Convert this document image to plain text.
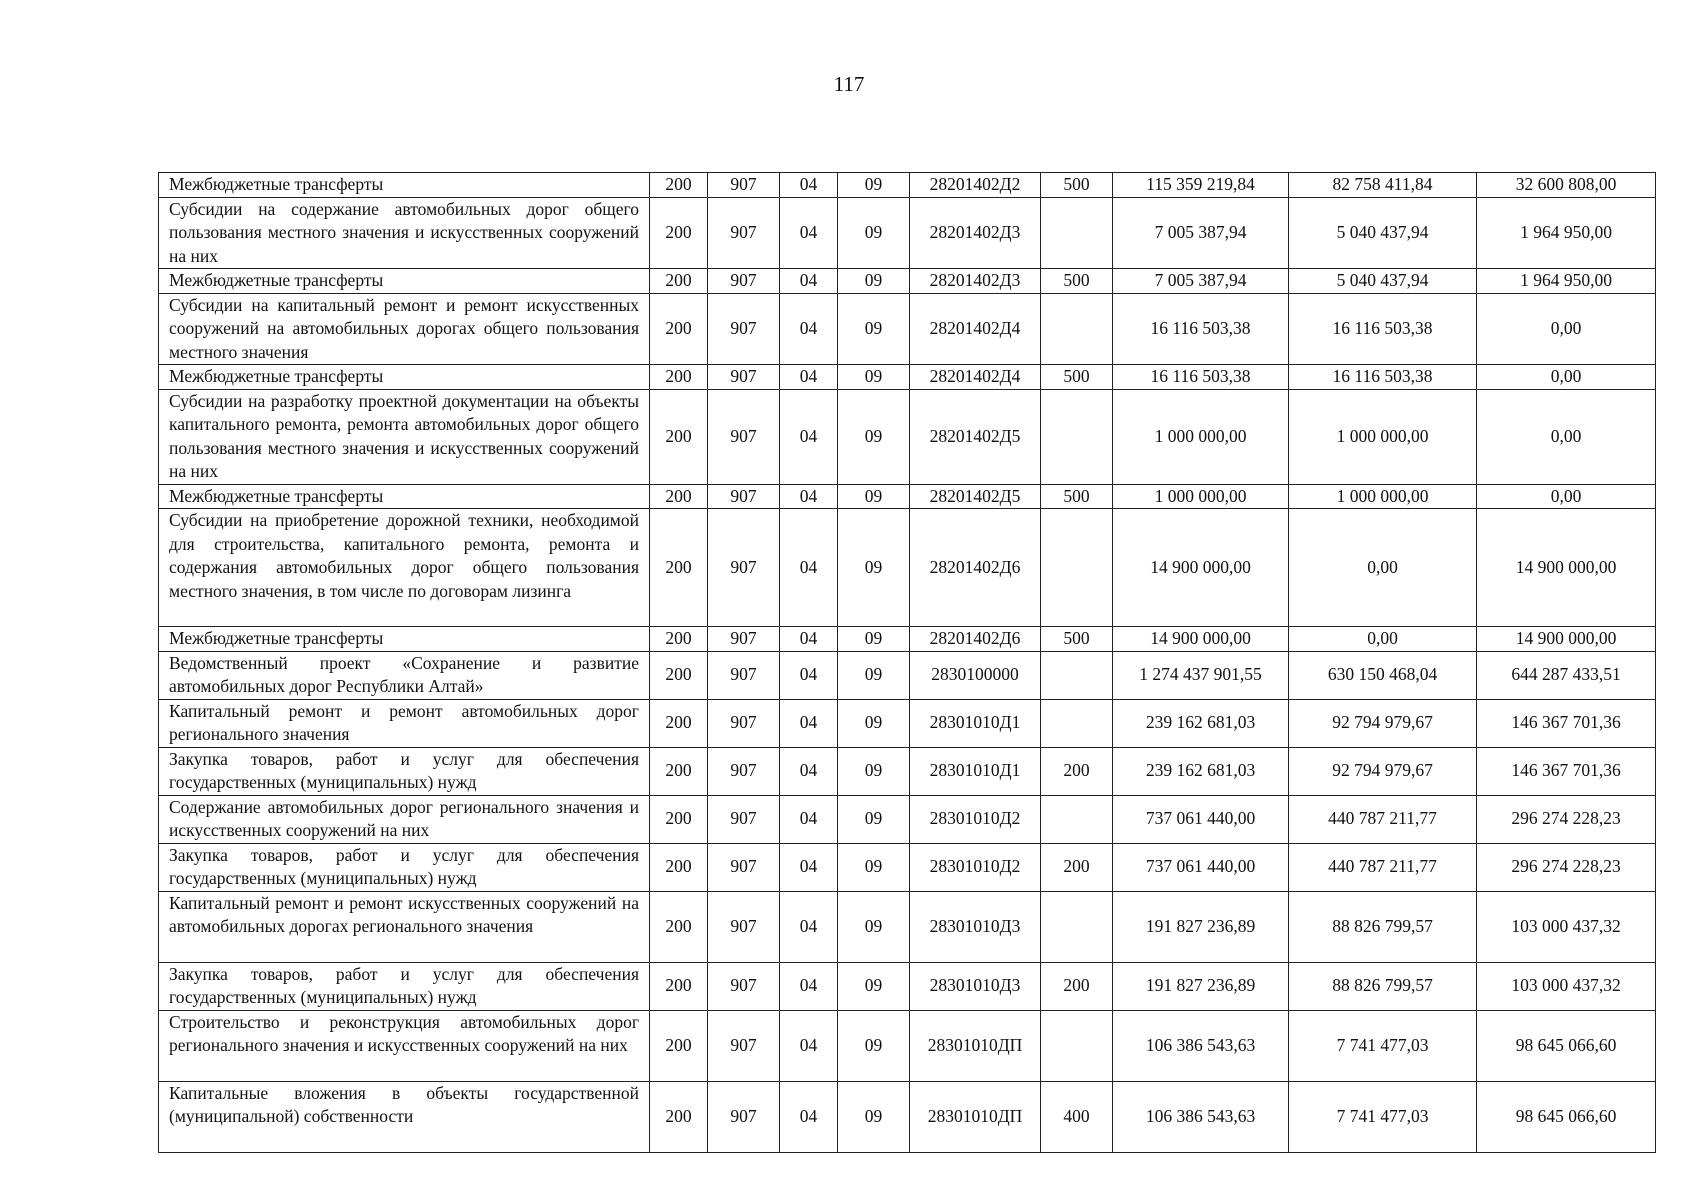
117
Межбюджетные трансферты	200	907	04	09	28201402Д2	500	115 359 219,84	82 758 411,84	32 600 808,00
Субсидии на содержание автомобильных дорог общего пользования местного значения и искусственных сооружений на них	200	907	04	09	28201402Д3		7 005 387,94	5 040 437,94	1 964 950,00
Межбюджетные трансферты	200	907	04	09	28201402Д3	500	7 005 387,94	5 040 437,94	1 964 950,00
Субсидии на капитальный ремонт и ремонт искусственных сооружений на автомобильных дорогах общего пользования местного значения	200	907	04	09	28201402Д4		16 116 503,38	16 116 503,38	0,00
Межбюджетные трансферты	200	907	04	09	28201402Д4	500	16 116 503,38	16 116 503,38	0,00
Субсидии на разработку проектной документации на объекты капитального ремонта, ремонта автомобильных дорог общего пользования местного значения и искусственных сооружений на них	200	907	04	09	28201402Д5		1 000 000,00	1 000 000,00	0,00
Межбюджетные трансферты	200	907	04	09	28201402Д5	500	1 000 000,00	1 000 000,00	0,00
Субсидии на приобретение дорожной техники, необходимой для строительства, капитального ремонта, ремонта и содержания автомобильных дорог общего пользования местного значения, в том числе по договорам лизинга	200	907	04	09	28201402Д6		14 900 000,00	0,00	14 900 000,00
Межбюджетные трансферты	200	907	04	09	28201402Д6	500	14 900 000,00	0,00	14 900 000,00
Ведомственный проект «Сохранение и развитие автомобильных дорог Республики Алтай»	200	907	04	09	2830100000		1 274 437 901,55	630 150 468,04	644 287 433,51
Капитальный ремонт и ремонт автомобильных дорог регионального значения	200	907	04	09	28301010Д1		239 162 681,03	92 794 979,67	146 367 701,36
Закупка товаров, работ и услуг для обеспечения государственных (муниципальных) нужд	200	907	04	09	28301010Д1	200	239 162 681,03	92 794 979,67	146 367 701,36
Содержание автомобильных дорог регионального значения и искусственных сооружений на них	200	907	04	09	28301010Д2		737 061 440,00	440 787 211,77	296 274 228,23
Закупка товаров, работ и услуг для обеспечения государственных (муниципальных) нужд	200	907	04	09	28301010Д2	200	737 061 440,00	440 787 211,77	296 274 228,23
Капитальный ремонт и ремонт искусственных сооружений на автомобильных дорогах регионального значения	200	907	04	09	28301010Д3		191 827 236,89	88 826 799,57	103 000 437,32
Закупка товаров, работ и услуг для обеспечения государственных (муниципальных) нужд	200	907	04	09	28301010Д3	200	191 827 236,89	88 826 799,57	103 000 437,32
Строительство и реконструкция автомобильных дорог регионального значения и искусственных сооружений на них	200	907	04	09	28301010ДП		106 386 543,63	7 741 477,03	98 645 066,60
Капитальные вложения в объекты государственной (муниципальной) собственности	200	907	04	09	28301010ДП	400	106 386 543,63	7 741 477,03	98 645 066,60
